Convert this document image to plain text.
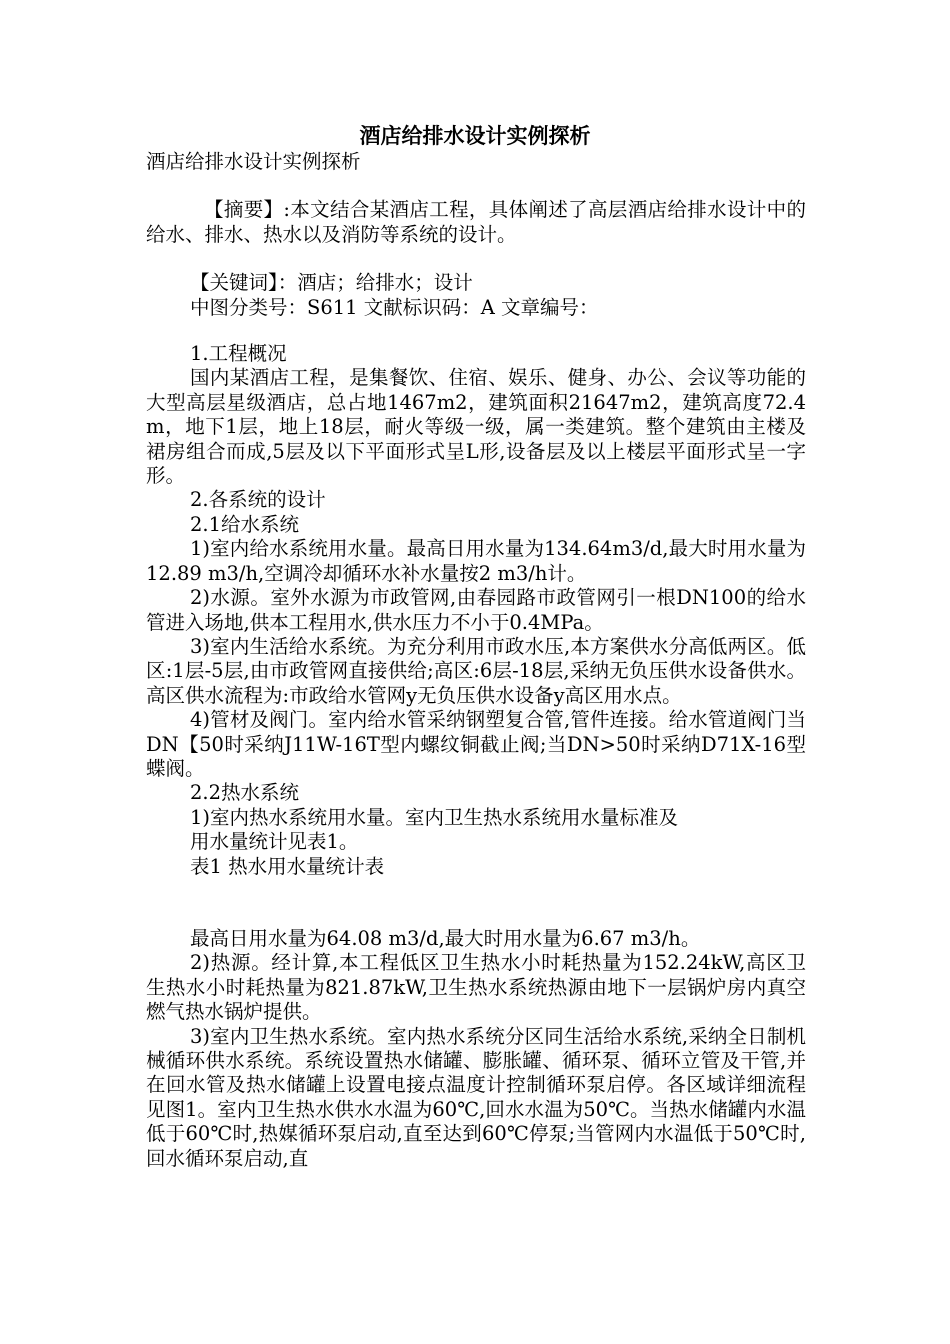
酒店给排水设计实例探析

酒店给排水设计实例探析

【摘要】:本文结合某酒店工程，具体阐述了高层酒店给排水设计中的给水、排水、热水以及消防等系统的设计。

【关键词】：酒店；给排水；设计

中图分类号：S611 文献标识码：A 文章编号：

1.工程概况

国内某酒店工程，是集餐饮、住宿、娱乐、健身、办公、会议等功能的大型高层星级酒店，总占地1467m2，建筑面积21647m2，建筑高度72.4m，地下1层，地上18层，耐火等级一级，属一类建筑。整个建筑由主楼及裙房组合而成,5层及以下平面形式呈L形,设备层及以上楼层平面形式呈一字形。

2.各系统的设计

2.1给水系统

1)室内给水系统用水量。最高日用水量为134.64m3/d,最大时用水量为12.89 m3/h,空调冷却循环水补水量按2 m3/h计。

2)水源。室外水源为市政管网,由春园路市政管网引一根DN100的给水管进入场地,供本工程用水,供水压力不小于0.4MPa。

3)室内生活给水系统。为充分利用市政水压,本方案供水分高低两区。低区:1层-5层,由市政管网直接供给;高区:6层-18层,采纳无负压供水设备供水。高区供水流程为:市政给水管网y无负压供水设备y高区用水点。

4)管材及阀门。室内给水管采纳钢塑复合管,管件连接。给水管道阀门当DN【50时采纳J11W-16T型内螺纹铜截止阀;当DN>50时采纳D71X-16型蝶阀。

2.2热水系统

1)室内热水系统用水量。室内卫生热水系统用水量标准及

用水量统计见表1。

表1 热水用水量统计表

最高日用水量为64.08 m3/d,最大时用水量为6.67 m3/h。

2)热源。经计算,本工程低区卫生热水小时耗热量为152.24kW,高区卫生热水小时耗热量为821.87kW,卫生热水系统热源由地下一层锅炉房内真空燃气热水锅炉提供。

3)室内卫生热水系统。室内热水系统分区同生活给水系统,采纳全日制机械循环供水系统。系统设置热水储罐、膨胀罐、循环泵、循环立管及干管,并在回水管及热水储罐上设置电接点温度计控制循环泵启停。各区域详细流程见图1。室内卫生热水供水水温为60℃,回水水温为50℃。当热水储罐内水温低于60℃时,热媒循环泵启动,直至达到60℃停泵;当管网内水温低于50℃时,回水循环泵启动,直
